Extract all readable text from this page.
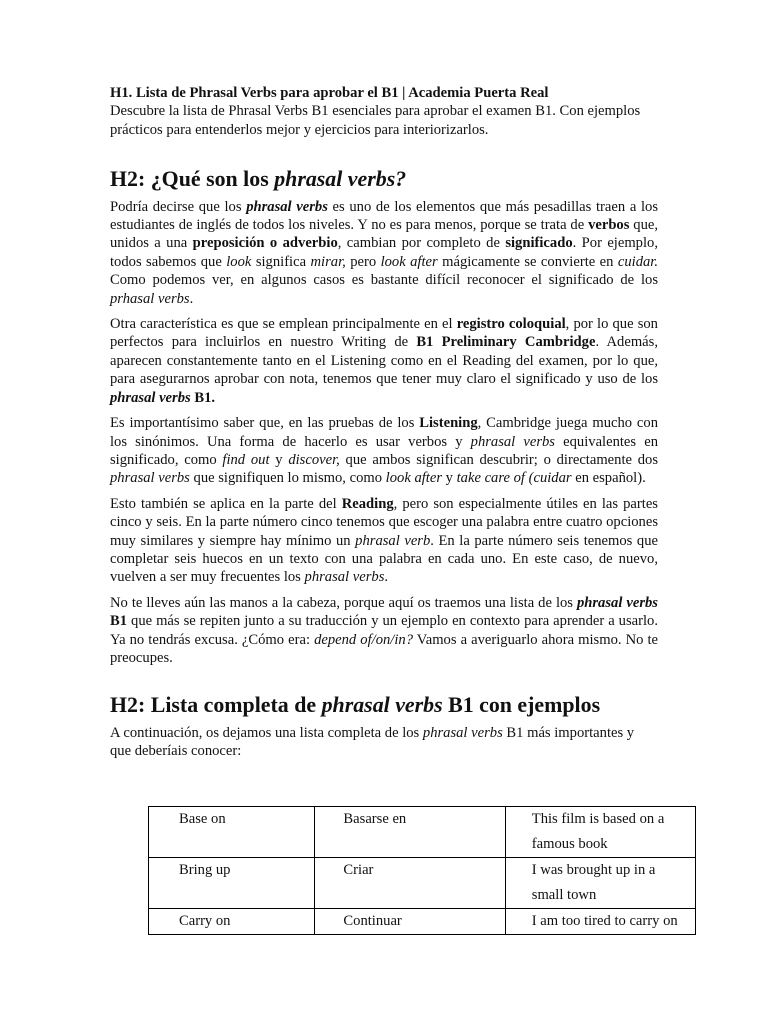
H1. Lista de Phrasal Verbs para aprobar el B1 | Academia Puerta Real

Descubre la lista de Phrasal Verbs B1 esenciales para aprobar el examen B1. Con ejemplos prácticos para entenderlos mejor y ejercicios para interiorizarlos.

H2: ¿Qué son los phrasal verbs?

Podría decirse que los phrasal verbs es uno de los elementos que más pesadillas traen a los estudiantes de inglés de todos los niveles. Y no es para menos, porque se trata de verbos que, unidos a una preposición o adverbio, cambian por completo de significado. Por ejemplo, todos sabemos que look significa mirar, pero look after mágicamente se convierte en cuidar. Como podemos ver, en algunos casos es bastante difícil reconocer el significado de los prhasal verbs.

Otra característica es que se emplean principalmente en el registro coloquial, por lo que son perfectos para incluirlos en nuestro Writing de B1 Preliminary Cambridge. Además, aparecen constantemente tanto en el Listening como en el Reading del examen, por lo que, para asegurarnos aprobar con nota, tenemos que tener muy claro el significado y uso de los phrasal verbs B1.

Es importantísimo saber que, en las pruebas de los Listening, Cambridge juega mucho con los sinónimos. Una forma de hacerlo es usar verbos y phrasal verbs equivalentes en significado, como find out y discover, que ambos significan descubrir; o directamente dos phrasal verbs que signifiquen lo mismo, como look after y take care of (cuidar en español).

Esto también se aplica en la parte del Reading, pero son especialmente útiles en las partes cinco y seis. En la parte número cinco tenemos que escoger una palabra entre cuatro opciones muy similares y siempre hay mínimo un phrasal verb. En la parte número seis tenemos que completar seis huecos en un texto con una palabra en cada uno. En este caso, de nuevo, vuelven a ser muy frecuentes los phrasal verbs.

No te lleves aún las manos a la cabeza, porque aquí os traemos una lista de los phrasal verbs B1 que más se repiten junto a su traducción y un ejemplo en contexto para aprender a usarlo. Ya no tendrás excusa. ¿Cómo era: depend of/on/in? Vamos a averiguarlo ahora mismo. No te preocupes.

H2: Lista completa de phrasal verbs B1 con ejemplos

A continuación, os dejamos una lista completa de los phrasal verbs B1 más importantes y que deberíais conocer:

Base on	Basarse en	This film is based on a famous book
Bring up	Criar	I was brought up in a small town
Carry on	Continuar	I am too tired to carry on
